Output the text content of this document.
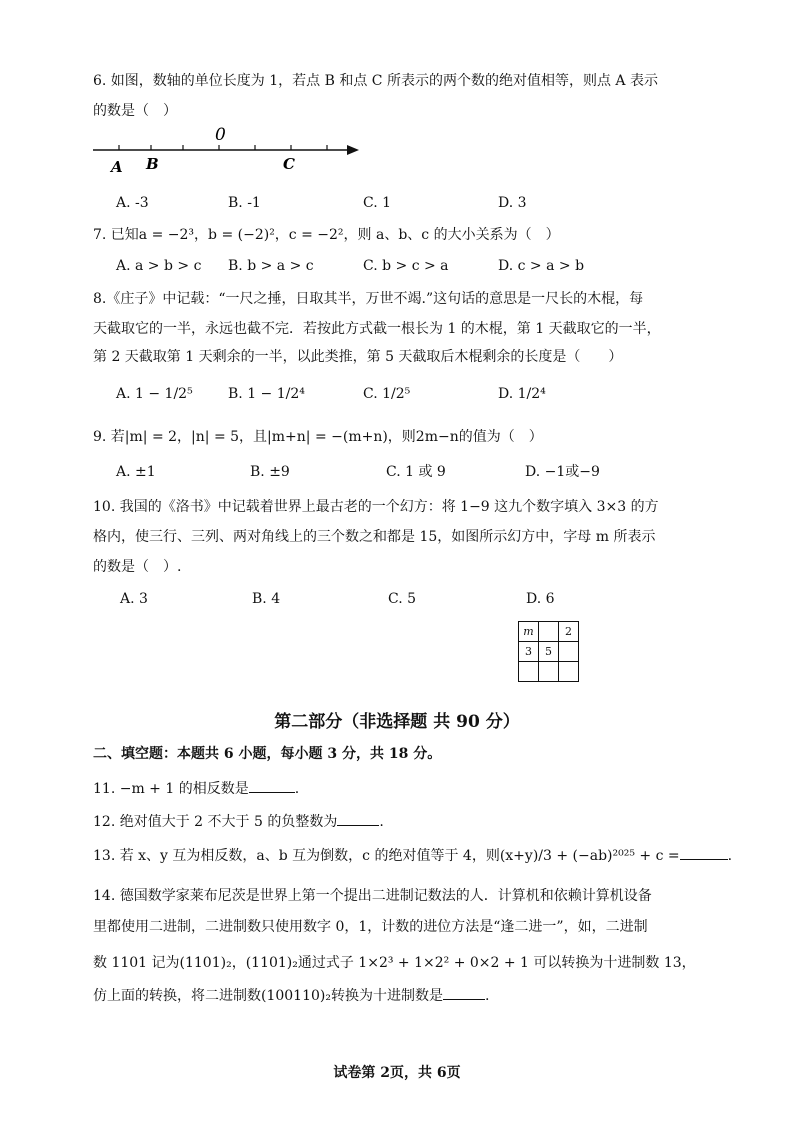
6. 如图，数轴的单位长度为 1，若点 B 和点 C 所表示的两个数的绝对值相等，则点 A 表示
的数是（　）
0
A B	C
A. -3	B. -1	C. 1	D. 3
7. 已知a = −2³，b = (−2)²，c = −2²，则 a、b、c 的大小关系为（　）
A. a > b > c B. b > a > c	C. b > c > a	D. c > a > b
8.《庄子》中记载：“一尺之捶，日取其半，万世不竭.”这句话的意思是一尺长的木棍，每
天截取它的一半，永远也截不完．若按此方式截一根长为 1 的木棍，第 1 天截取它的一半，
第 2 天截取第 1 天剩余的一半，以此类推，第 5 天截取后木棍剩余的长度是（　　）
A. 1 − 1/2⁵	B. 1 − 1/2⁴	C. 1/2⁵	D. 1/2⁴
9. 若|m| = 2，|n| = 5，且|m+n| = −(m+n)，则2m−n的值为（　）
A. ±1	B. ±9	C. 1 或 9	D. −1或−9
10. 我国的《洛书》中记载着世界上最古老的一个幻方：将 1−9 这九个数字填入 3×3 的方
格内，使三行、三列、两对角线上的三个数之和都是 15，如图所示幻方中，字母 m 所表示
的数是（　）.
A. 3	B. 4	C. 5	D. 6
m		2
3	5	

第二部分（非选择题 共 90 分）
二、填空题：本题共 6 小题，每小题 3 分，共 18 分。
11. −m + 1 的相反数是	.
12. 绝对值大于 2 不大于 5 的负整数为	.
13. 若 x、y 互为相反数，a、b 互为倒数，c 的绝对值等于 4，则(x+y)/3 + (−ab)²⁰²⁵ + c =	.
14. 德国数学家莱布尼茨是世界上第一个提出二进制记数法的人．计算机和依赖计算机设备
里都使用二进制，二进制数只使用数字 0，1，计数的进位方法是“逢二进一”，如，二进制
数 1101 记为(1101)₂，(1101)₂通过式子 1×2³ + 1×2² + 0×2 + 1 可以转换为十进制数 13，
仿上面的转换，将二进制数(100110)₂转换为十进制数是	.
试卷第 2页，共 6页
